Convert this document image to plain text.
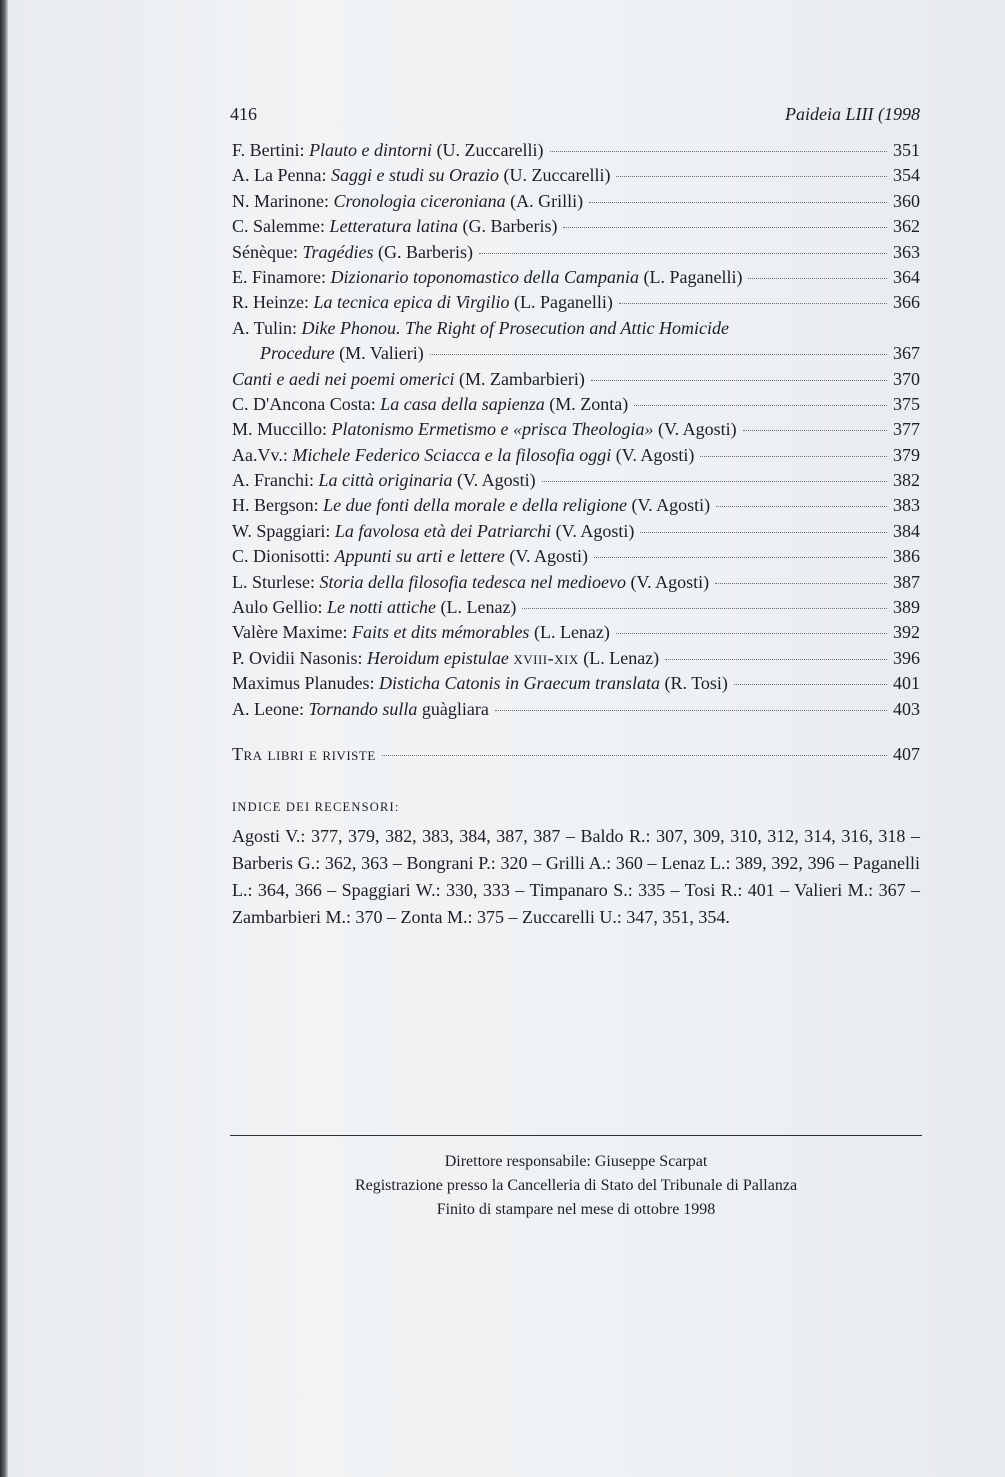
416	Paideia LIII (1998
F. Bertini: Plauto e dintorni (U. Zuccarelli)	351
A. La Penna: Saggi e studi su Orazio (U. Zuccarelli)	354
N. Marinone: Cronologia ciceroniana (A. Grilli)	360
C. Salemme: Letteratura latina (G. Barberis)	362
Sénèque: Tragédies (G. Barberis)	363
E. Finamore: Dizionario toponomastico della Campania (L. Paganelli)	364
R. Heinze: La tecnica epica di Virgilio (L. Paganelli)	366
A. Tulin: Dike Phonou. The Right of Prosecution and Attic Homicide
Procedure (M. Valieri)	367
Canti e aedi nei poemi omerici (M. Zambarbieri)	370
C. D'Ancona Costa: La casa della sapienza (M. Zonta)	375
M. Muccillo: Platonismo Ermetismo e «prisca Theologia» (V. Agosti)	377
Aa.Vv.: Michele Federico Sciacca e la filosofia oggi (V. Agosti)	379
A. Franchi: La città originaria (V. Agosti)	382
H. Bergson: Le due fonti della morale e della religione (V. Agosti)	383
W. Spaggiari: La favolosa età dei Patriarchi (V. Agosti)	384
C. Dionisotti: Appunti su arti e lettere (V. Agosti)	386
L. Sturlese: Storia della filosofia tedesca nel medioevo (V. Agosti)	387
Aulo Gellio: Le notti attiche (L. Lenaz)	389
Valère Maxime: Faits et dits mémorables (L. Lenaz)	392
P. Ovidii Nasonis: Heroidum epistulae xviii-xix (L. Lenaz)	396
Maximus Planudes: Disticha Catonis in Graecum translata (R. Tosi)	401
A. Leone: Tornando sulla guàgliara	403
Tra libri e riviste	407
INDICE DEI RECENSORI:
Agosti V.: 377, 379, 382, 383, 384, 387, 387 – Baldo R.: 307, 309, 310, 312, 314, 316, 318 – Barberis G.: 362, 363 – Bongrani P.: 320 – Grilli A.: 360 – Lenaz L.: 389, 392, 396 – Paganelli L.: 364, 366 – Spaggiari W.: 330, 333 – Timpanaro S.: 335 – Tosi R.: 401 – Valieri M.: 367 – Zambarbieri M.: 370 – Zonta M.: 375 – Zuccarelli U.: 347, 351, 354.
Direttore responsabile: Giuseppe Scarpat
Registrazione presso la Cancelleria di Stato del Tribunale di Pallanza
Finito di stampare nel mese di ottobre 1998
